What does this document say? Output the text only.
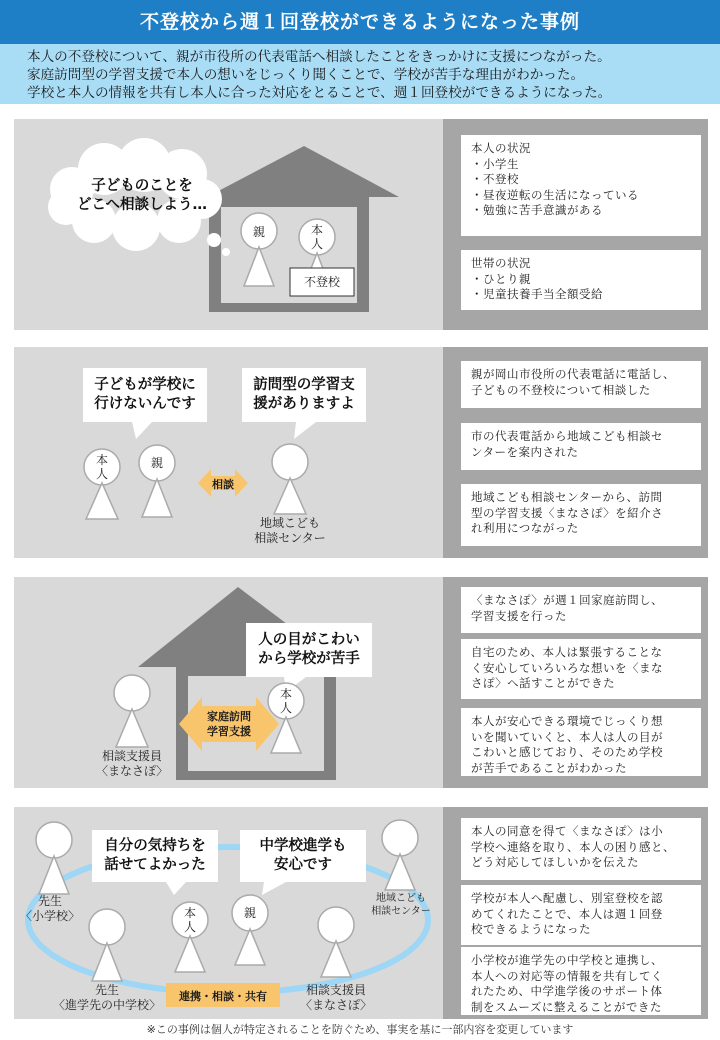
不登校から週１回登校ができるようになった事例
本人の不登校について、親が市役所の代表電話へ相談したことをきっかけに支援につながった。
家庭訪問型の学習支援で本人の想いをじっくり聞くことで、学校が苦手な理由がわかった。
学校と本人の情報を共有し本人に合った対応をとることで、週１回登校ができるようになった。
子どものことを
どこへ相談しよう…
親	本
人
不登校
本人の状況
・小学生
・不登校
・昼夜逆転の生活になっている
・勉強に苦手意識がある
世帯の状況
・ひとり親
・児童扶養手当全額受給
子どもが学校に
行けないんです
訪問型の学習支
援がありますよ
本
人
親
相談
地域こども
相談センター
親が岡山市役所の代表電話に電話し、
子どもの不登校について相談した
市の代表電話から地域こども相談セ
ンターを案内された
地域こども相談センターから、訪問
型の学習支援〈まなさぽ〉を紹介さ
れ利用につながった
人の目がこわい
から学校が苦手
家庭訪問
学習支援
本
人
相談支援員
〈まなさぽ〉
〈まなさぽ〉が週１回家庭訪問し、
学習支援を行った
自宅のため、本人は緊張することな
く安心していろいろな想いを〈まな
さぽ〉へ話すことができた
本人が安心できる環境でじっくり想
いを聞いていくと、本人は人の目が
こわいと感じており、そのため学校
が苦手であることがわかった
自分の気持ちを
話せてよかった
中学校進学も
安心です
先生
〈小学校〉
地域こども
相談センター
本
人
親
先生
〈進学先の中学校〉
相談支援員
〈まなさぽ〉
連携・相談・共有
本人の同意を得て〈まなさぽ〉は小
学校へ連絡を取り、本人の困り感と、
どう対応してほしいかを伝えた
学校が本人へ配慮し、別室登校を認
めてくれたことで、本人は週１回登
校できるようになった
小学校が進学先の中学校と連携し、
本人への対応等の情報を共有してく
れたため、中学進学後のサポート体
制をスムーズに整えることができた
※この事例は個人が特定されることを防ぐため、事実を基に一部内容を変更しています
